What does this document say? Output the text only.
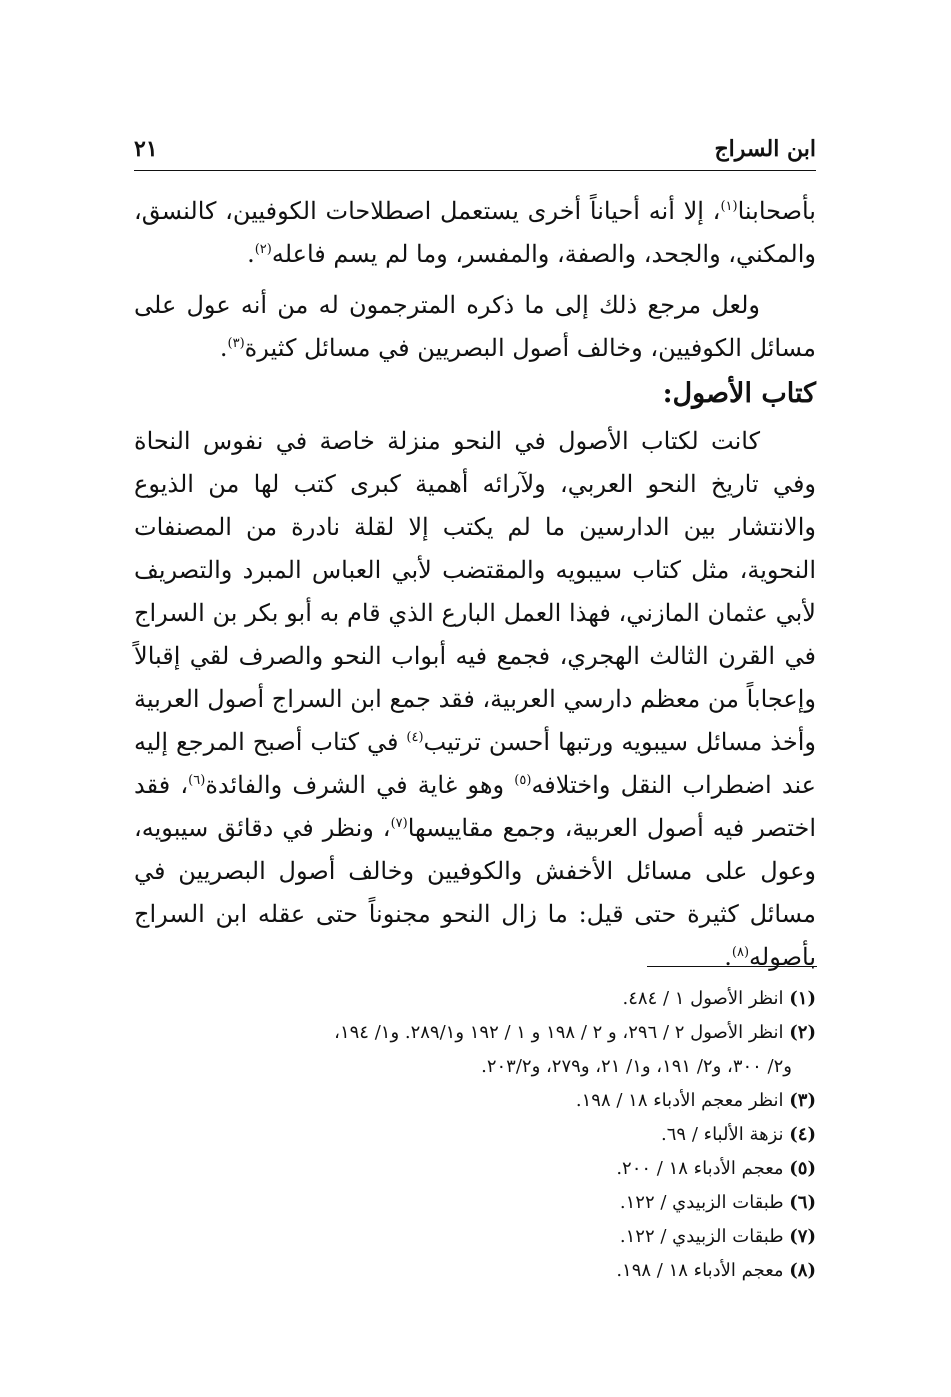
ابن السراج
٢١

بأصحابنا$^{(١)}$، إلا أنه أحياناً أخرى يستعمل اصطلاحات الكوفيين، كالنسق، والمكني، والجحد، والصفة، والمفسر، وما لم يسم فاعله$^{(٢)}$.

ولعل مرجع ذلك إلى ما ذكره المترجمون له من أنه عول على مسائل الكوفيين، وخالف أصول البصريين في مسائل كثيرة$^{(٣)}$.

كتاب الأصول:

كانت لكتاب الأصول في النحو منزلة خاصة في نفوس النحاة وفي تاريخ النحو العربي، ولآرائه أهمية كبرى كتب لها من الذيوع والانتشار بين الدارسين ما لم يكتب إلا لقلة نادرة من المصنفات النحوية، مثل كتاب سيبويه والمقتضب لأبي العباس المبرد والتصريف لأبي عثمان المازني، فهذا العمل البارع الذي قام به أبو بكر بن السراج في القرن الثالث الهجري، فجمع فيه أبواب النحو والصرف لقي إقبالاً وإعجاباً من معظم دارسي العربية، فقد جمع ابن السراج أصول العربية وأخذ مسائل سيبويه ورتبها أحسن ترتيب$^{(٤)}$ في كتاب أصبح المرجع إليه عند اضطراب النقل واختلافه$^{(٥)}$ وهو غاية في الشرف والفائدة$^{(٦)}$، فقد اختصر فيه أصول العربية، وجمع مقاييسها$^{(٧)}$، ونظر في دقائق سيبويه، وعول على مسائل الأخفش والكوفيين وخالف أصول البصريين في مسائل كثيرة حتى قيل: ما زال النحو مجنوناً حتى عقله ابن السراج بأصوله$^{(٨)}$.

(١) انظر الأصول ١ / ٤٨٤.

(٢) انظر الأصول ٢ / ٢٩٦، و ٢ / ١٩٨ و ١ / ١٩٢ و٢٨٩/١. و١/ ١٩٤،
و٢/ ٣٠٠، و٢/ ١٩١، و١/ ٢١، و٢٧٩، و٢٠٣/٢.

(٣) انظر معجم الأدباء ١٨ / ١٩٨.

(٤) نزهة الألباء / ٦٩.

(٥) معجم الأدباء ١٨ / ٢٠٠.

(٦) طبقات الزبيدي / ١٢٢.

(٧) طبقات الزبيدي / ١٢٢.

(٨) معجم الأدباء ١٨ / ١٩٨.
